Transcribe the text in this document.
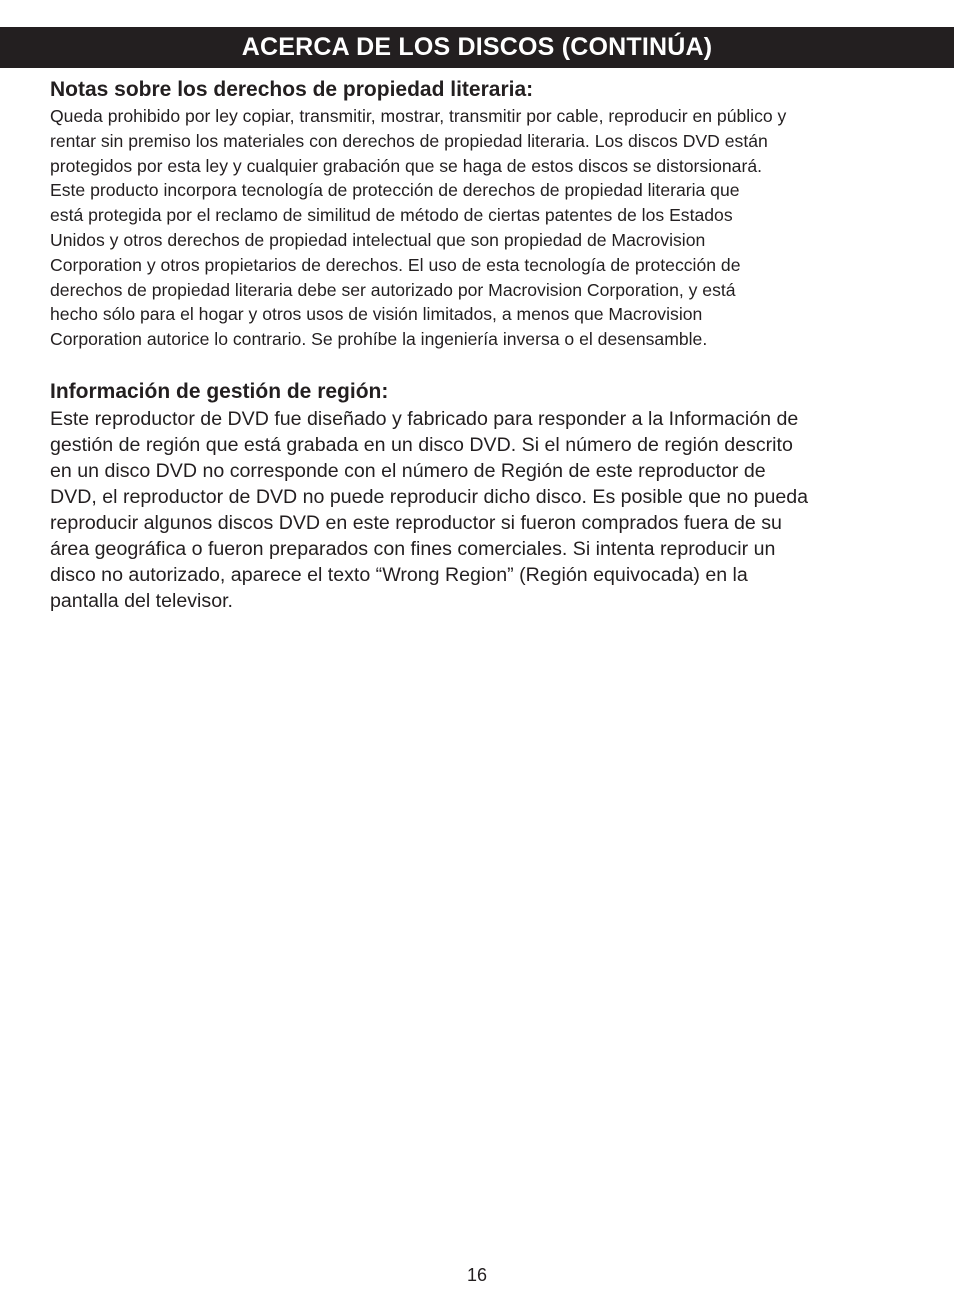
ACERCA DE LOS DISCOS (CONTINÚA)
Notas sobre los derechos de propiedad literaria:

Queda prohibido por ley copiar, transmitir, mostrar, transmitir por cable, reproducir en público y
rentar sin premiso los materiales con derechos de propiedad literaria. Los discos DVD están
protegidos por esta ley y cualquier grabación que se haga de estos discos se distorsionará.
Este producto incorpora tecnología de protección de derechos de propiedad literaria que
está protegida por el reclamo de similitud de método de ciertas patentes de los Estados
Unidos y otros derechos de propiedad intelectual que son propiedad de Macrovision
Corporation y otros propietarios de derechos. El uso de esta tecnología de protección de
derechos de propiedad literaria debe ser autorizado por Macrovision Corporation, y está
hecho sólo para el hogar y otros usos de visión limitados, a menos que Macrovision
Corporation autorice lo contrario. Se prohíbe la ingeniería inversa o el desensamble.

Información de gestión de región:

Este reproductor de DVD fue diseñado y fabricado para responder a la Información de
gestión de región que está grabada en un disco DVD. Si el número de región descrito
en un disco DVD no corresponde con el número de Región de este reproductor de
DVD, el reproductor de DVD no puede reproducir dicho disco. Es posible que no pueda
reproducir algunos discos DVD en este reproductor si fueron comprados fuera de su
área geográfica o fueron preparados con fines comerciales. Si intenta reproducir un
disco no autorizado, aparece el texto “Wrong Region” (Región equivocada) en la
pantalla del televisor.

16
